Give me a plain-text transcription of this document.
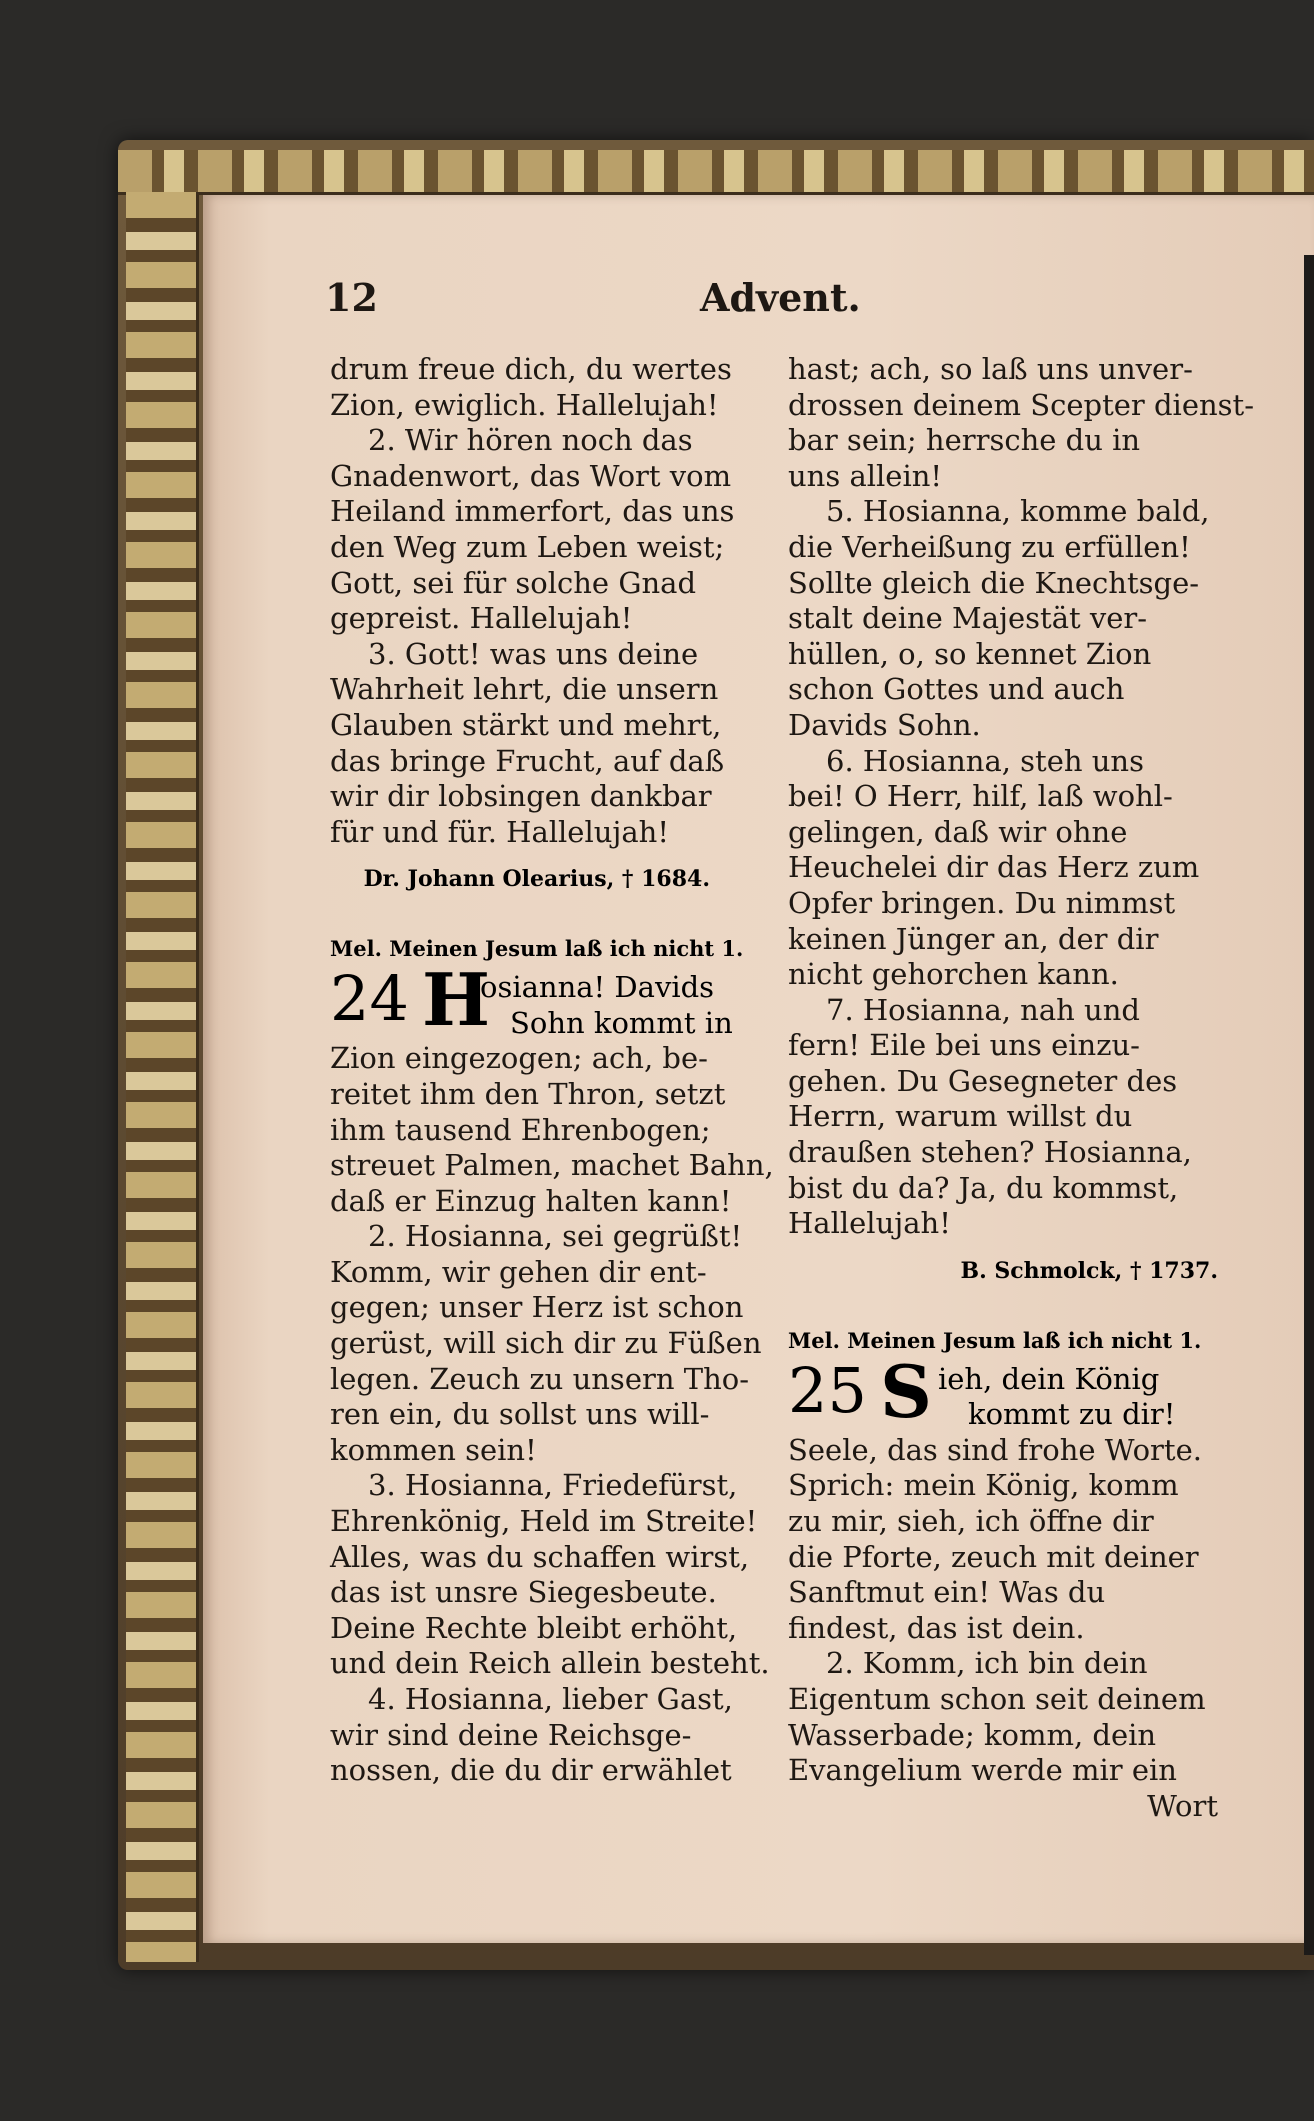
12	Advent.
drum freue dich, du wertes
Zion, ewiglich. Hallelujah!
2. Wir hören noch das
Gnadenwort, das Wort vom
Heiland immerfort, das uns
den Weg zum Leben weist;
Gott, sei für solche Gnad
gepreist. Hallelujah!
3. Gott! was uns deine
Wahrheit lehrt, die unsern
Glauben stärkt und mehrt,
das bringe Frucht, auf daß
wir dir lobsingen dankbar
für und für. Hallelujah!
Dr. Johann Olearius, † 1684.
Mel. Meinen Jesum laß ich nicht 1.
24 H
osianna! Davids
Sohn kommt in
Zion eingezogen; ach, be-
reitet ihm den Thron, setzt
ihm tausend Ehrenbogen;
streuet Palmen, machet Bahn,
daß er Einzug halten kann!
2. Hosianna, sei gegrüßt!
Komm, wir gehen dir ent-
gegen; unser Herz ist schon
gerüst, will sich dir zu Füßen
legen. Zeuch zu unsern Tho-
ren ein, du sollst uns will-
kommen sein!
3. Hosianna, Friedefürst,
Ehrenkönig, Held im Streite!
Alles, was du schaffen wirst,
das ist unsre Siegesbeute.
Deine Rechte bleibt erhöht,
und dein Reich allein besteht.
4. Hosianna, lieber Gast,
wir sind deine Reichsge-
nossen, die du dir erwählet
hast; ach, so laß uns unver-
drossen deinem Scepter dienst-
bar sein; herrsche du in
uns allein!
5. Hosianna, komme bald,
die Verheißung zu erfüllen!
Sollte gleich die Knechtsge-
stalt deine Majestät ver-
hüllen, o, so kennet Zion
schon Gottes und auch
Davids Sohn.
6. Hosianna, steh uns
bei! O Herr, hilf, laß wohl-
gelingen, daß wir ohne
Heuchelei dir das Herz zum
Opfer bringen. Du nimmst
keinen Jünger an, der dir
nicht gehorchen kann.
7. Hosianna, nah und
fern! Eile bei uns einzu-
gehen. Du Gesegneter des
Herrn, warum willst du
draußen stehen? Hosianna,
bist du da? Ja, du kommst,
Hallelujah!
B. Schmolck, † 1737.
Mel. Meinen Jesum laß ich nicht 1.
25 S ieh, dein König
kommt zu dir!
Seele, das sind frohe Worte.
Sprich: mein König, komm
zu mir, sieh, ich öffne dir
die Pforte, zeuch mit deiner
Sanftmut ein! Was du
findest, das ist dein.
2. Komm, ich bin dein
Eigentum schon seit deinem
Wasserbade; komm, dein
Evangelium werde mir ein
Wort
